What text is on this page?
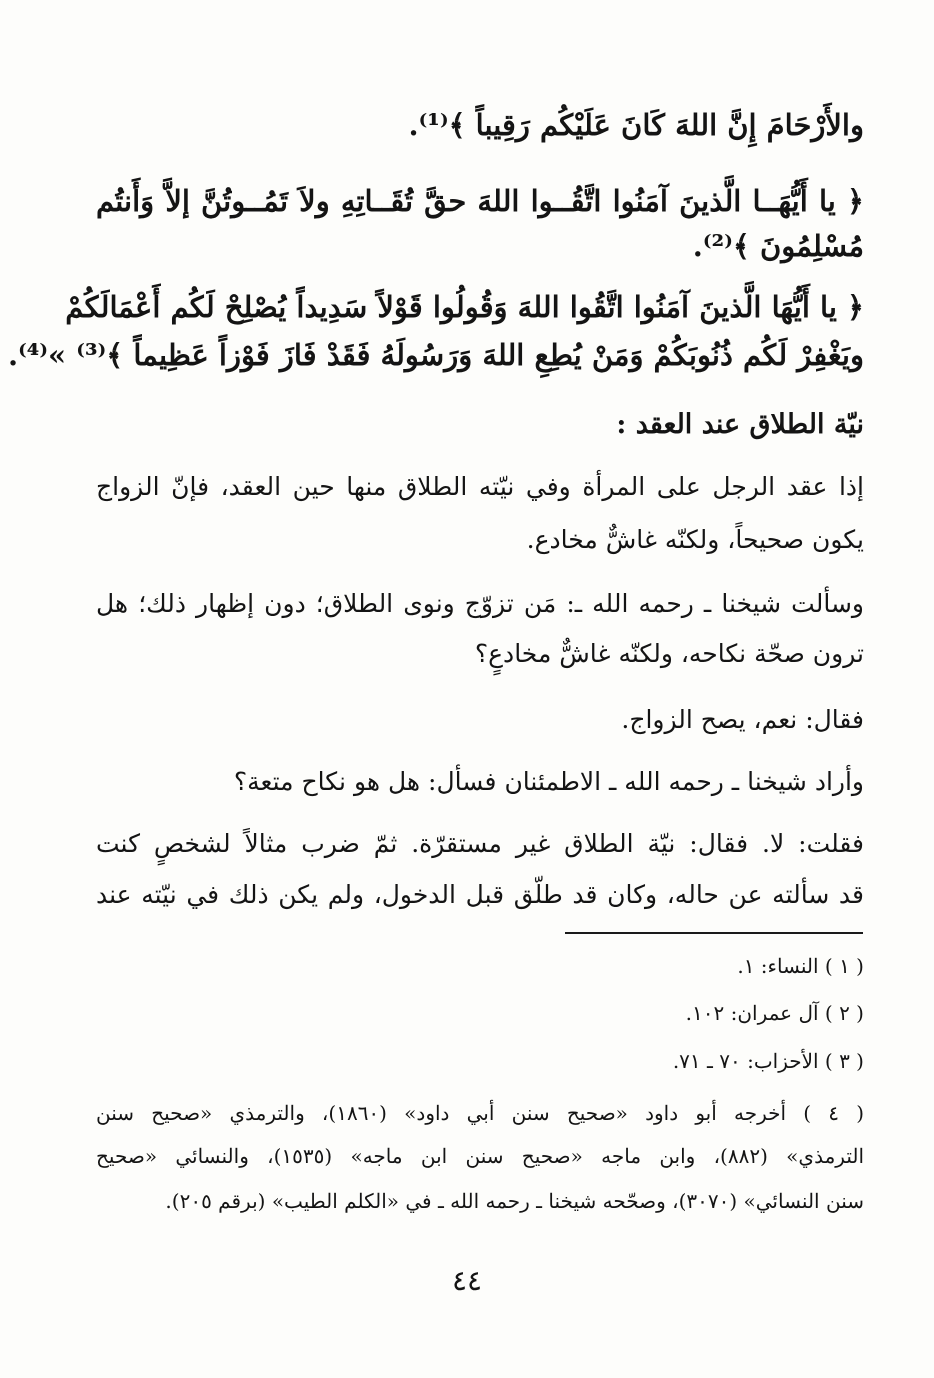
والأَرْحَامَ إِنَّ اللهَ كَانَ عَلَيْكُم رَقِيباً ﴾⁽¹⁾.
﴿ يا أَيُّهَــا الَّذينَ آمَنُوا اتَّقُــوا اللهَ حقَّ تُقَــاتِهِ ولاَ تَمُــوتُنَّ إلاَّ وَأَنتُم
مُسْلِمُونَ ﴾⁽²⁾.
﴿ يا أَيُّهَا الَّذينَ آمَنُوا اتَّقُوا اللهَ وَقُولُوا قَوْلاً سَدِيداً يُصْلِحْ لَكُم أَعْمَالَكُمْ
ويَغْفِرْ لَكُم ذُنُوبَكُمْ وَمَنْ يُطِعِ اللهَ وَرَسُولَهُ فَقَدْ فَازَ فَوْزاً عَظِيماً ﴾⁽³⁾ »⁽⁴⁾.
نيّة الطلاق عند العقد :
إذا عقد الرجل على المرأة وفي نيّته الطلاق منها حين العقد، فإنّ الزواج
يكون صحيحاً، ولكنّه غاشٌّ مخادع.
وسألت شيخنا ـ رحمه الله ـ: مَن تزوّج ونوى الطلاق؛ دون إظهار ذلك؛ هل
ترون صحّة نكاحه، ولكنّه غاشٌّ مخادعٍ؟
فقال: نعم، يصح الزواج.
وأراد شيخنا ـ رحمه الله ـ الاطمئنان فسأل: هل هو نكاح متعة؟
فقلت: لا. فقال: نيّة الطلاق غير مستقرّة. ثمّ ضرب مثالاً لشخصٍ كنت
قد سألته عن حاله، وكان قد طلّق قبل الدخول، ولم يكن ذلك في نيّته عند
( ١ ) النساء: ١.
( ٢ ) آل عمران: ١٠٢.
( ٣ ) الأحزاب: ٧٠ ـ ٧١.
( ٤ ) أخرجه أبو داود «صحيح سنن أبي داود» (١٨٦٠)، والترمذي «صحيح سنن
الترمذي» (٨٨٢)، وابن ماجه «صحيح سنن ابن ماجه» (١٥٣٥)، والنسائي «صحيح
سنن النسائي» (٣٠٧٠)، وصحّحه شيخنا ـ رحمه الله ـ في «الكلم الطيب» (برقم ٢٠٥).
٤٤
